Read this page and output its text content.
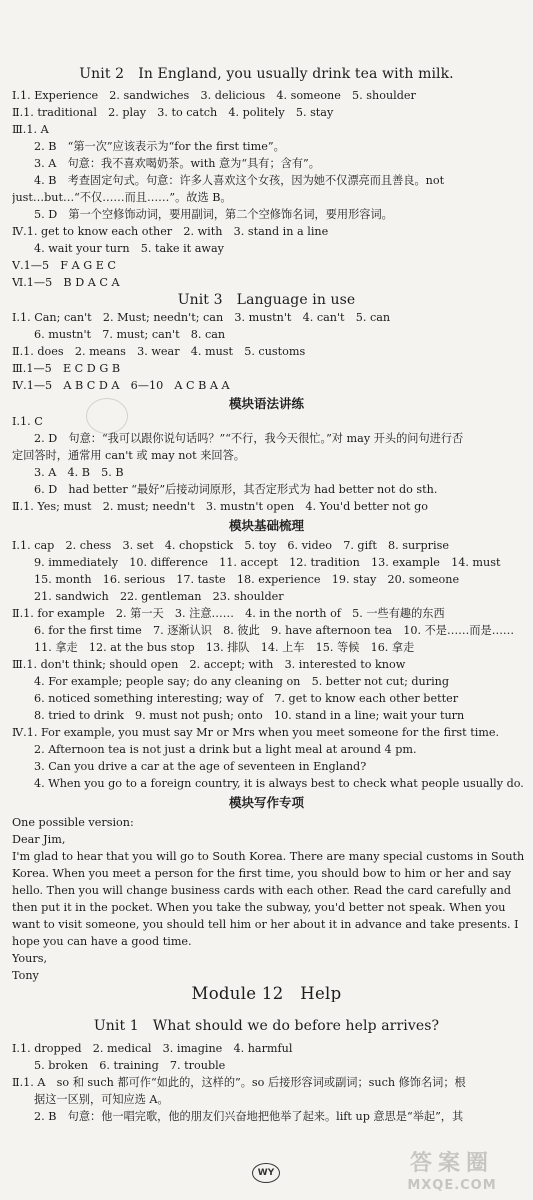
Unit 2　In England, you usually drink tea with milk.
Ⅰ.1. Experience　2. sandwiches　3. delicious　4. someone　5. shoulder
Ⅱ.1. traditional　2. play　3. to catch　4. politely　5. stay
Ⅲ.1. A
2. B　“第一次”应该表示为“for the first time”。
3. A　句意：我不喜欢喝奶茶。with 意为“具有；含有”。
4. B　考查固定句式。句意：许多人喜欢这个女孩，因为她不仅漂亮而且善良。not
just…but…“不仅……而且……”。故选 B。
5. D　第一个空修饰动词，要用副词，第二个空修饰名词，要用形容词。
Ⅳ.1. get to know each other　2. with　3. stand in a line
4. wait your turn　5. take it away
Ⅴ.1—5　F A G E C
Ⅵ.1—5　B D A C A
Unit 3　Language in use
Ⅰ.1. Can; can't　2. Must; needn't; can　3. mustn't　4. can't　5. can
6. mustn't　7. must; can't　8. can
Ⅱ.1. does　2. means　3. wear　4. must　5. customs
Ⅲ.1—5　E C D G B
Ⅳ.1—5　A B C D A　6—10　A C B A A
模块语法讲练
Ⅰ.1. C
2. D　句意：“我可以跟你说句话吗？”“不行，我今天很忙。”对 may 开头的问句进行否
定回答时，通常用 can't 或 may not 来回答。
3. A　4. B　5. B
6. D　had better “最好”后接动词原形，其否定形式为 had better not do sth.
Ⅱ.1. Yes; must　2. must; needn't　3. mustn't open　4. You'd better not go
模块基础梳理
Ⅰ.1. cap　2. chess　3. set　4. chopstick　5. toy　6. video　7. gift　8. surprise
9. immediately　10. difference　11. accept　12. tradition　13. example　14. must
15. month　16. serious　17. taste　18. experience　19. stay　20. someone
21. sandwich　22. gentleman　23. shoulder
Ⅱ.1. for example　2. 第一天　3. 注意……　4. in the north of　5. 一些有趣的东西
6. for the first time　7. 逐渐认识　8. 彼此　9. have afternoon tea　10. 不是……而是……
11. 拿走　12. at the bus stop　13. 排队　14. 上车　15. 等候　16. 拿走
Ⅲ.1. don't think; should open　2. accept; with　3. interested to know
4. For example; people say; do any cleaning on　5. better not cut; during
6. noticed something interesting; way of　7. get to know each other better
8. tried to drink　9. must not push; onto　10. stand in a line; wait your turn
Ⅳ.1. For example, you must say Mr or Mrs when you meet someone for the first time.
2. Afternoon tea is not just a drink but a light meal at around 4 pm.
3. Can you drive a car at the age of seventeen in England?
4. When you go to a foreign country, it is always best to check what people usually do.
模块写作专项
One possible version:
Dear Jim,
I'm glad to hear that you will go to South Korea. There are many special customs in South
Korea. When you meet a person for the first time, you should bow to him or her and say
hello. Then you will change business cards with each other. Read the card carefully and
then put it in the pocket. When you take the subway, you'd better not speak. When you
want to visit someone, you should tell him or her about it in advance and take presents. I
hope you can have a good time.
Yours,
Tony
Module 12　Help
Unit 1　What should we do before help arrives?
Ⅰ.1. dropped　2. medical　3. imagine　4. harmful
5. broken　6. training　7. trouble
Ⅱ.1. A　so 和 such 都可作“如此的，这样的”。so 后接形容词或副词；such 修饰名词；根
据这一区别，可知应选 A。
2. B　句意：他一唱完歌，他的朋友们兴奋地把他举了起来。lift up 意思是“举起”，其
WY	答案圈
MXQE.COM
